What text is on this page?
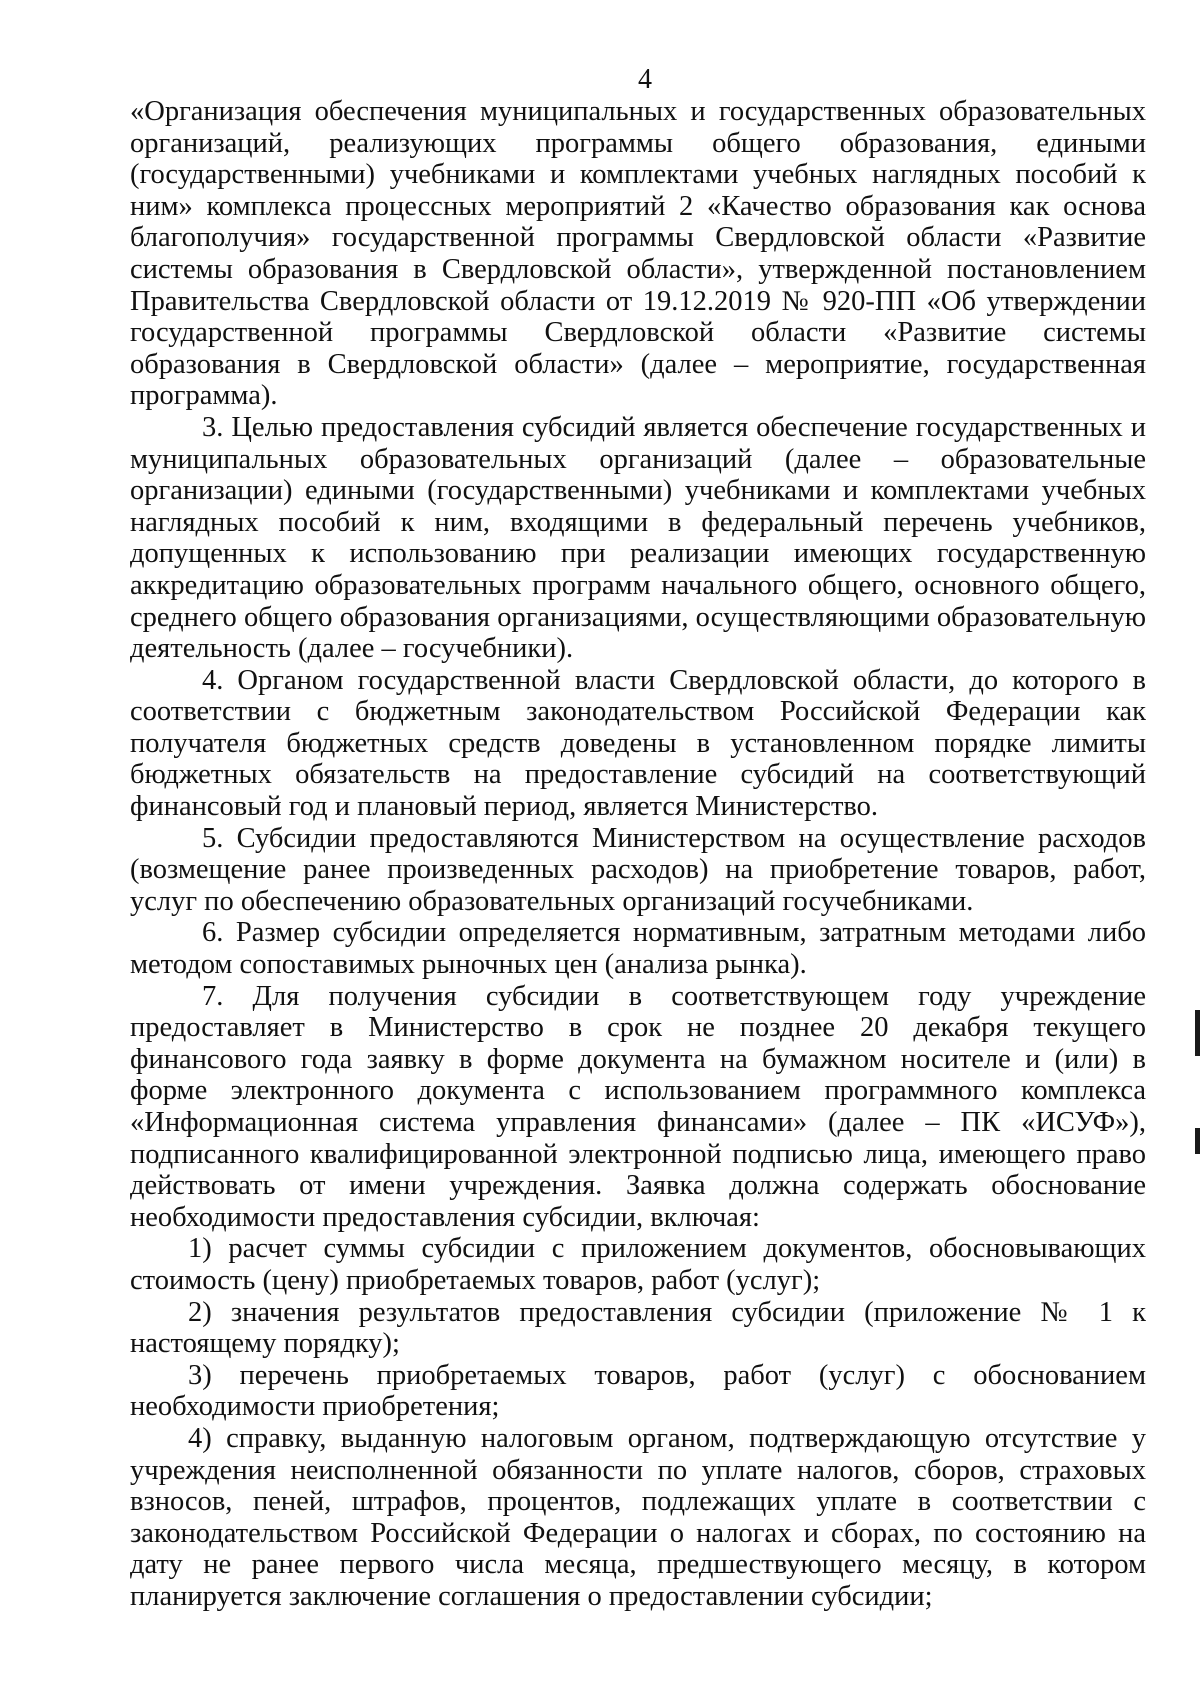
4

«Организация обеспечения муниципальных и государственных образовательных организаций, реализующих программы общего образования, едиными (государственными) учебниками и комплектами учебных наглядных пособий к ним» комплекса процессных мероприятий 2 «Качество образования как основа благополучия» государственной программы Свердловской области «Развитие системы образования в Свердловской области», утвержденной постановлением Правительства Свердловской области от 19.12.2019 № 920-ПП «Об утверждении государственной программы Свердловской области «Развитие системы образования в Свердловской области» (далее – мероприятие, государственная программа).

3. Целью предоставления субсидий является обеспечение государственных и муниципальных образовательных организаций (далее – образовательные организации) едиными (государственными) учебниками и комплектами учебных наглядных пособий к ним, входящими в федеральный перечень учебников, допущенных к использованию при реализации имеющих государственную аккредитацию образовательных программ начального общего, основного общего, среднего общего образования организациями, осуществляющими образовательную деятельность (далее – госучебники).

4. Органом государственной власти Свердловской области, до которого в соответствии с бюджетным законодательством Российской Федерации как получателя бюджетных средств доведены в установленном порядке лимиты бюджетных обязательств на предоставление субсидий на соответствующий финансовый год и плановый период, является Министерство.

5. Субсидии предоставляются Министерством на осуществление расходов (возмещение ранее произведенных расходов) на приобретение товаров, работ, услуг по обеспечению образовательных организаций госучебниками.

6. Размер субсидии определяется нормативным, затратным методами либо методом сопоставимых рыночных цен (анализа рынка).

7. Для получения субсидии в соответствующем году учреждение предоставляет в Министерство в срок не позднее 20 декабря текущего финансового года заявку в форме документа на бумажном носителе и (или) в форме электронного документа с использованием программного комплекса «Информационная система управления финансами» (далее – ПК «ИСУФ»), подписанного квалифицированной электронной подписью лица, имеющего право действовать от имени учреждения. Заявка должна содержать обоснование необходимости предоставления субсидии, включая:

1) расчет суммы субсидии с приложением документов, обосновывающих стоимость (цену) приобретаемых товаров, работ (услуг);

2) значения результатов предоставления субсидии (приложение № 1 к настоящему порядку);

3) перечень приобретаемых товаров, работ (услуг) с обоснованием необходимости приобретения;

4) справку, выданную налоговым органом, подтверждающую отсутствие у учреждения неисполненной обязанности по уплате налогов, сборов, страховых взносов, пеней, штрафов, процентов, подлежащих уплате в соответствии с законодательством Российской Федерации о налогах и сборах, по состоянию на дату не ранее первого числа месяца, предшествующего месяцу, в котором планируется заключение соглашения о предоставлении субсидии;
